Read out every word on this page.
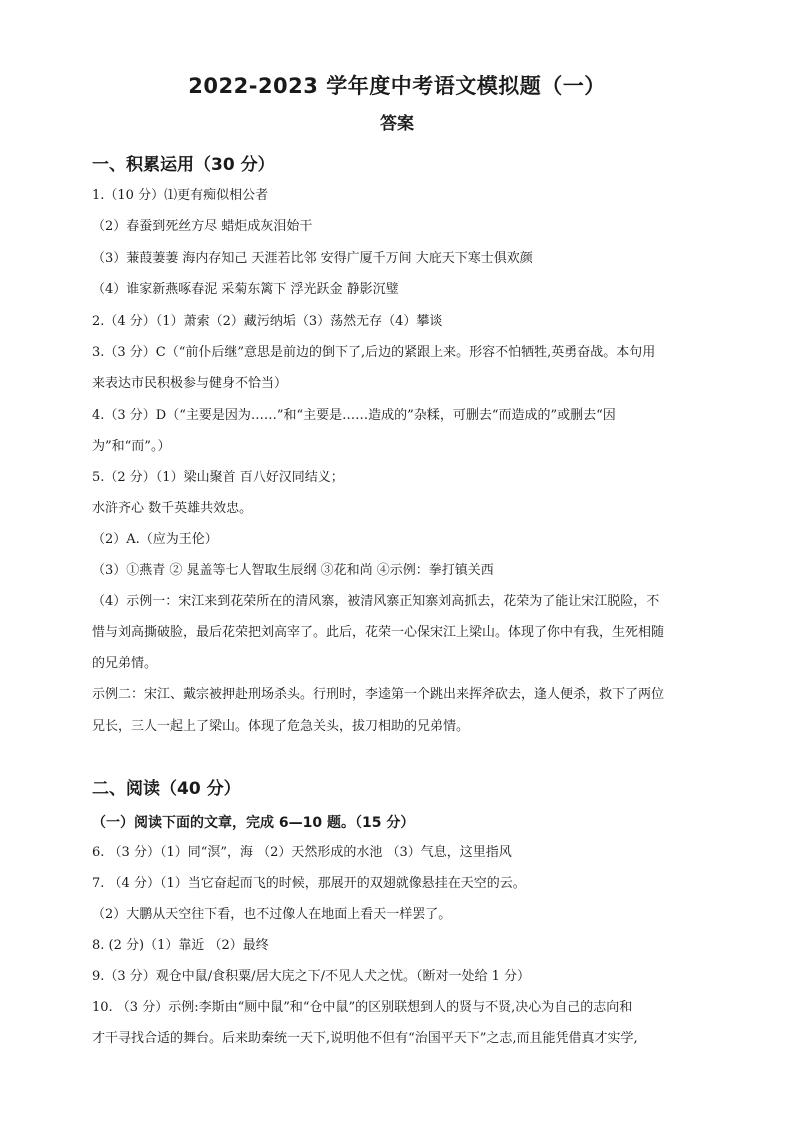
2022-2023 学年度中考语文模拟题（一）
答案
一、积累运用（30 分）
1.（10 分）⑴更有痴似相公者
（2）春蚕到死丝方尽 蜡炬成灰泪始干
（3）蒹葭萋萋 海内存知己 天涯若比邻 安得广厦千万间 大庇天下寒士俱欢颜
（4）谁家新燕啄春泥 采菊东篱下 浮光跃金 静影沉璧
2.（4 分）（1）萧索（2）藏污纳垢（3）荡然无存（4）攀谈
3.（3 分）C（“前仆后继”意思是前边的倒下了,后边的紧跟上来。形容不怕牺牲,英勇奋战。本句用
来表达市民积极参与健身不恰当）
4.（3 分）D（“主要是因为……”和“主要是……造成的”杂糅，可删去“而造成的”或删去“因
为”和“而”。）
5.（2 分）（1）梁山聚首 百八好汉同结义；
水浒齐心 数千英雄共效忠。
（2）A.（应为王伦）
（3）①燕青 ② 晁盖等七人智取生辰纲 ③花和尚 ④示例：拳打镇关西
（4）示例一：宋江来到花荣所在的清风寨，被清风寨正知寨刘高抓去，花荣为了能让宋江脱险，不
惜与刘高撕破脸，最后花荣把刘高宰了。此后，花荣一心保宋江上梁山。体现了你中有我，生死相随
的兄弟情。
示例二：宋江、戴宗被押赴刑场杀头。行刑时，李逵第一个跳出来挥斧砍去，逢人便杀，救下了两位
兄长，三人一起上了梁山。体现了危急关头，拔刀相助的兄弟情。
二、阅读（40 分）
（一）阅读下面的文章，完成 6—10 题。（15 分）
6. （3 分）（1）同“溟”，海 （2）天然形成的水池 （3）气息，这里指风
7. （4 分）（1）当它奋起而飞的时候，那展开的双翅就像悬挂在天空的云。
（2）大鹏从天空往下看，也不过像人在地面上看天一样罢了。
8. (2 分)（1）靠近 （2）最终
9.（3 分）观仓中鼠/食积粟/居大庑之下/不见人犬之忧。（断对一处给 1 分）
10. （3 分）示例:李斯由“厕中鼠”和“仓中鼠”的区别联想到人的贤与不贤,决心为自己的志向和
才干寻找合适的舞台。后来助秦统一天下,说明他不但有“治国平天下”之志,而且能凭借真才实学,
